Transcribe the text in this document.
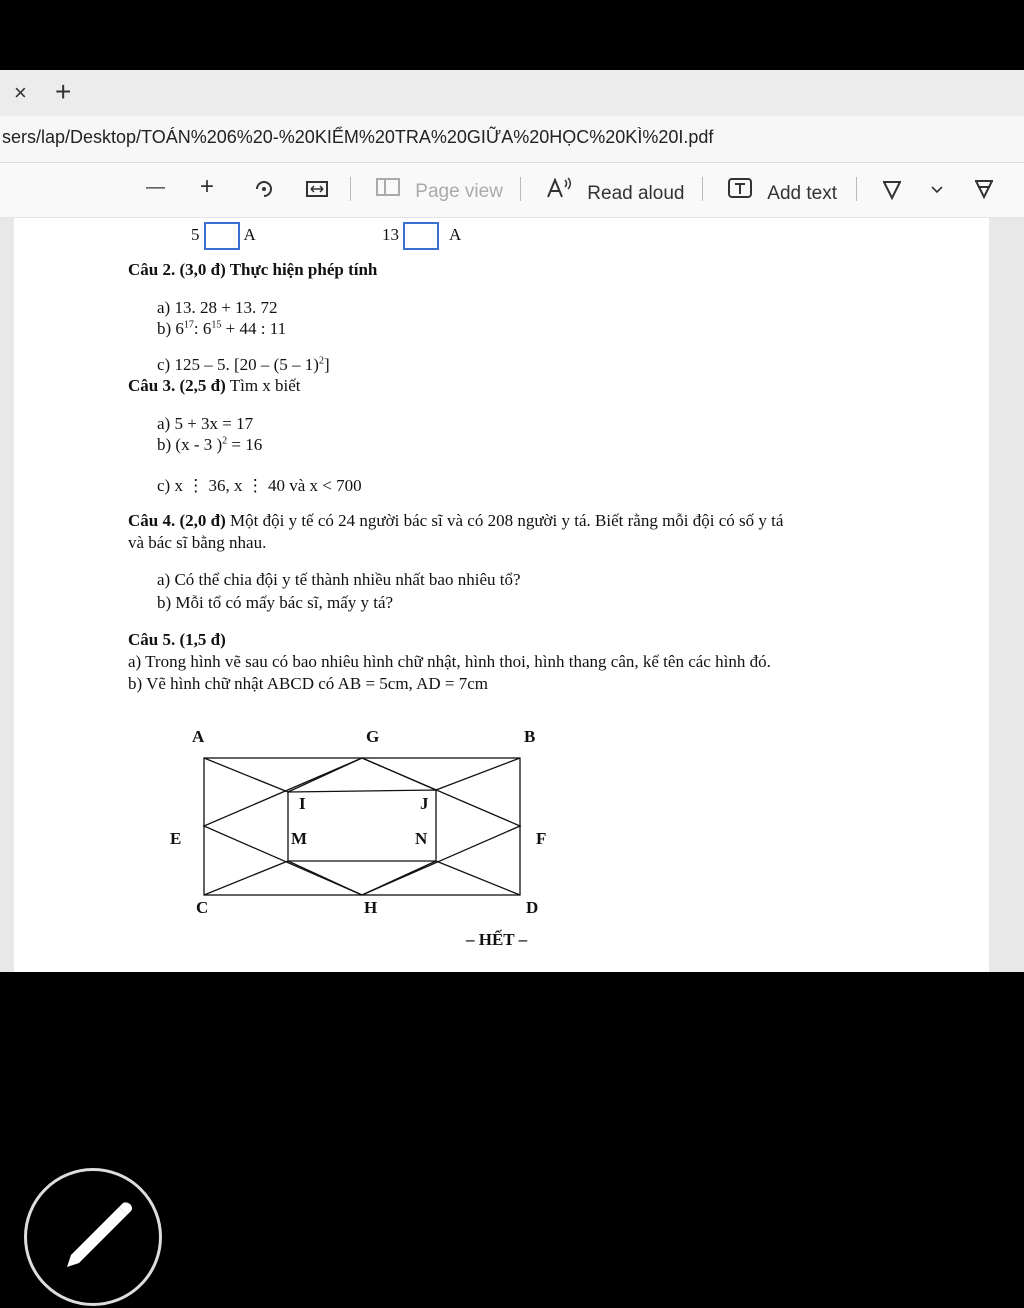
× +
sers/lap/Desktop/TOÁN%206%20-%20KIỂM%20TRA%20GIỮA%20HỌC%20KÌ%20I.pdf
— +	Page view	Read aloud	Add text
5	A	13	A
Câu 2. (3,0 đ) Thực hiện phép tính
a) 13. 28 + 13. 72
b) $6^{17}$: $6^{15} + 44$ : 11
c) 125 – 5. [20 – (5 – 1)$^2$]
Câu 3. (2,5 đ) Tìm x biết
a) 5 + 3x = 17
b) (x - 3 )$^2$ = 16
c) x ⋮ 36, x ⋮ 40 và x < 700
Câu 4. (2,0 đ) Một đội y tế có 24 người bác sĩ và có 208 người y tá. Biết rằng mỗi đội có số y tá
và bác sĩ bằng nhau.
a) Có thể chia đội y tế thành nhiều nhất bao nhiêu tổ?
b) Mỗi tổ có mấy bác sĩ, mấy y tá?
Câu 5. (1,5 đ)
a) Trong hình vẽ sau có bao nhiêu hình chữ nhật, hình thoi, hình thang cân, kể tên các hình đó.
b) Vẽ hình chữ nhật ABCD có AB = 5cm, AD = 7cm
A	G	B
E	F
C	H	D
I	J
M	N
– HẾT –
